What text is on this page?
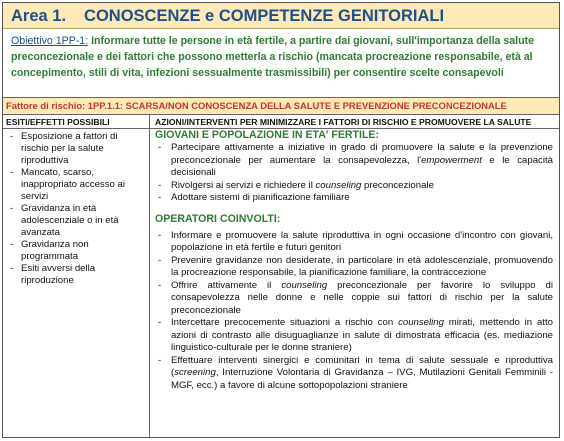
Area 1. CONOSCENZE e COMPETENZE GENITORIALI
Obiettivo 1PP-1: Informare tutte le persone in età fertile, a partire dai giovani, sull'importanza della salute preconcezionale e dei fattori che possono metterla a rischio (mancata procreazione responsabile, età al concepimento, stili di vita, infezioni sessualmente trasmissibili) per consentire scelte consapevoli
Fattore di rischio: 1PP.1.1: SCARSA/NON CONOSCENZA DELLA SALUTE E PREVENZIONE PRECONCEZIONALE
ESITI/EFFETTI POSSIBILI	AZIONI/INTERVENTI PER MINIMIZZARE I FATTORI DI RISCHIO E PROMUOVERE LA SALUTE
- Esposizione a fattori di rischio per la salute riproduttiva
- Mancato, scarso, inappropriato accesso ai servizi
- Gravidanza in età adolescenziale o in età avanzata
- Gravidanza non programmata
- Esiti avversi della riproduzione
GIOVANI E POPOLAZIONE IN ETA' FERTILE:
- Partecipare attivamente a iniziative in grado di promuovere la salute e la prevenzione preconcezionale per aumentare la consapevolezza, l'empowerment e le capacità decisionali
- Rivolgersi ai servizi e richiedere il counseling preconcezionale
- Adottare sistemi di pianificazione familiare
OPERATORI COINVOLTI:
- Informare e promuovere la salute riproduttiva in ogni occasione d'incontro con giovani, popolazione in età fertile e futuri genitori
- Prevenire gravidanze non desiderate, in particolare in età adolescenziale, promuovendo la procreazione responsabile, la pianificazione familiare, la contraccezione
- Offrire attivamente il counseling preconcezionale per favorire lo sviluppo di consapevolezza nelle donne e nelle coppie sui fattori di rischio per la salute preconcezionale
- Intercettare precocemente situazioni a rischio con counseling mirati, mettendo in atto azioni di contrasto alle disuguaglianze in salute di dimostrata efficacia (es. mediazione linguistico-culturale per le donne straniere)
- Effettuare interventi sinergici e comunitari in tema di salute sessuale e riproduttiva (screening, Interruzione Volontaria di Gravidanza – IVG, Mutilazioni Genitali Femminili - MGF, ecc.) a favore di alcune sottopopolazioni straniere
